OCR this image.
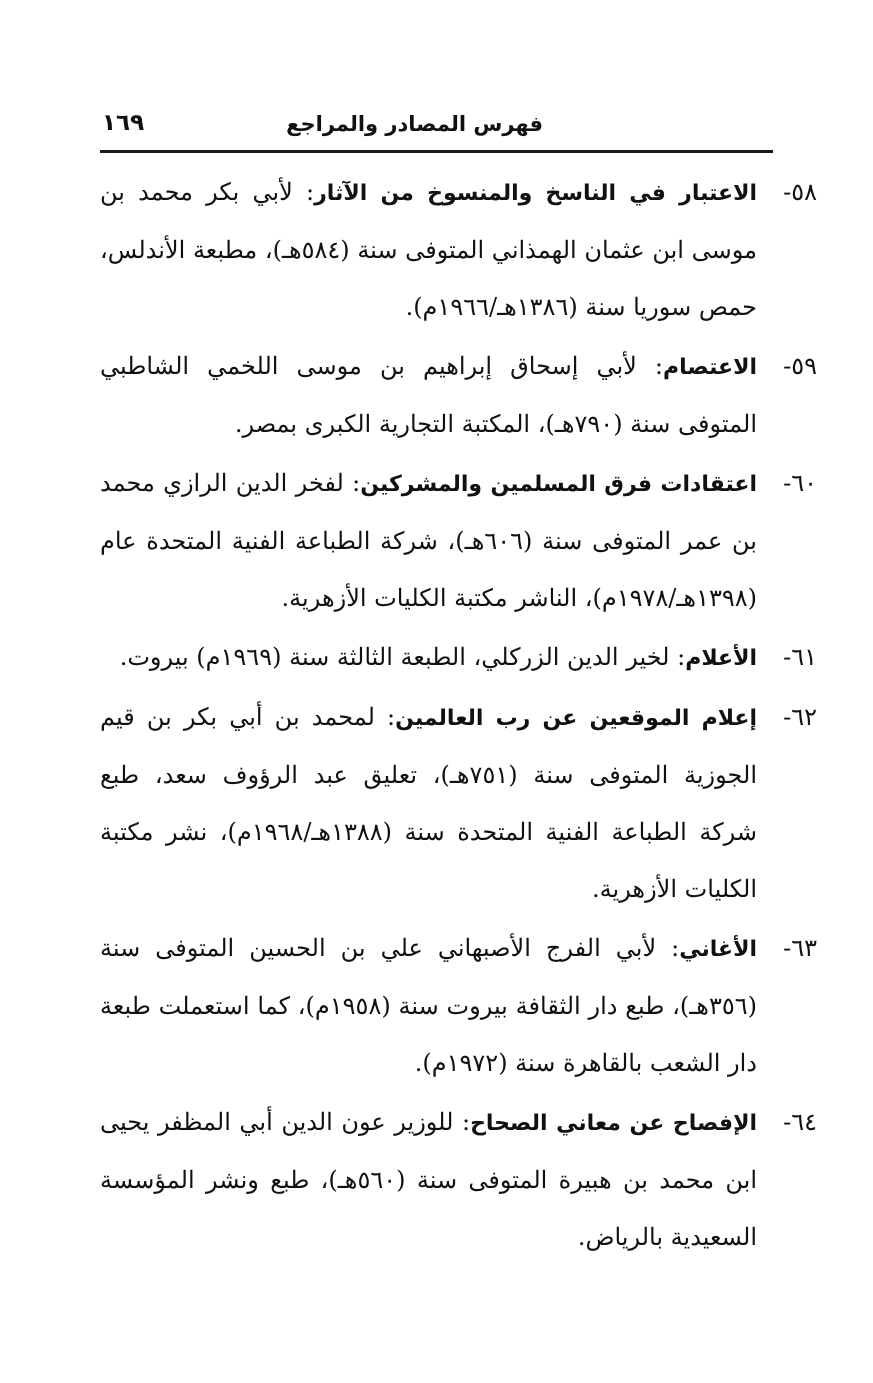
فهرس المصادر والمراجع
١٦٩
٥٨-
الاعتبار في الناسخ والمنسوخ من الآثار: لأبي بكر محمد بن موسى ابن عثمان الهمذاني المتوفى سنة (٥٨٤هـ)، مطبعة الأندلس، حمص سوريا سنة (١٣٨٦هـ/١٩٦٦م).
٥٩-
الاعتصام: لأبي إسحاق إبراهيم بن موسى اللخمي الشاطبي المتوفى سنة (٧٩٠هـ)، المكتبة التجارية الكبرى بمصر.
٦٠-
اعتقادات فرق المسلمين والمشركين: لفخر الدين الرازي محمد بن عمر المتوفى سنة (٦٠٦هـ)، شركة الطباعة الفنية المتحدة عام (١٣٩٨هـ/١٩٧٨م)، الناشر مكتبة الكليات الأزهرية.
٦١-
الأعلام: لخير الدين الزركلي، الطبعة الثالثة سنة (١٩٦٩م) بيروت.
٦٢-
إعلام الموقعين عن رب العالمين: لمحمد بن أبي بكر بن قيم الجوزية المتوفى سنة (٧٥١هـ)، تعليق عبد الرؤوف سعد، طبع شركة الطباعة الفنية المتحدة سنة (١٣٨٨هـ/١٩٦٨م)، نشر مكتبة الكليات الأزهرية.
٦٣-
الأغاني: لأبي الفرج الأصبهاني علي بن الحسين المتوفى سنة (٣٥٦هـ)، طبع دار الثقافة بيروت سنة (١٩٥٨م)، كما استعملت طبعة دار الشعب بالقاهرة سنة (١٩٧٢م).
٦٤-
الإفصاح عن معاني الصحاح: للوزير عون الدين أبي المظفر يحيى ابن محمد بن هبيرة المتوفى سنة (٥٦٠هـ)، طبع ونشر المؤسسة السعيدية بالرياض.
